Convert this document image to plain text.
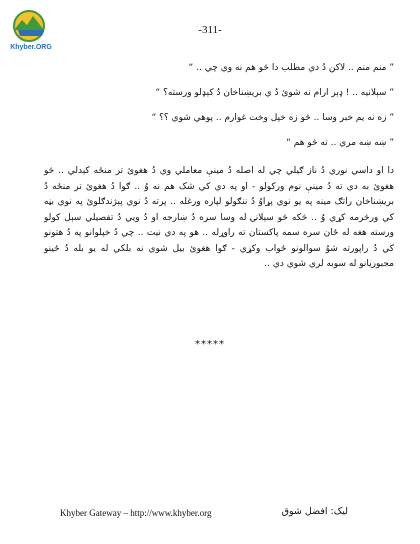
Khyber.ORG
-311-
” منم منم .. لاکن دُ دي مطلب دا څو هم نه وي چي .. “
” سېلانيه .. ! ډېر ارام نه شوئ دُ ي بريښناخان دُ کېډلو ورسته؟ “
” زه نه يم خبر وسا .. څو زه خپل وخت غوارم .. پوهي شوي ؟؟ “
” ښه ښه مري .. ته څو هم “
دا او داسي نوري دُ ناز ګيلي چي له اصله دُ مينې معاملي وي دُ هغوئ تر منځه کېدلي .. څو
هغوئ به دي ته دُ مينې نوم ورکولو - او په دي کي شک هم نه وُ .. ګوا دُ هغوئ تر منځه دُ
بريښناخان راتګ مينه په يو نوي پړاوُ دُ ننګولو لپاره ورغله .. پرته دُ نوي پېژندګلوئ په نوي بڼه
کي ورڅرمه کړي وُ .. څکه څو سېلانۍ له وسا سره دُ ښارجه او دُ ويي دُ تفصيلي سېل کولو
ورسته هغه له ځان سره سمه پاکستان ته راوړله .. هو په دي نيت .. چي دُ خپلوانو په دُ هتونو
کي دُ راپورته شوُ سوالونو ځواب وکړي - ګوا هغوئ بيل شوي نه بلکي له يو بله دُ ځينو
مجبوريانو له سوبه لري شوي دي ..
*****
Khyber Gateway – http://www.khyber.org	ليک: افضل شوق
